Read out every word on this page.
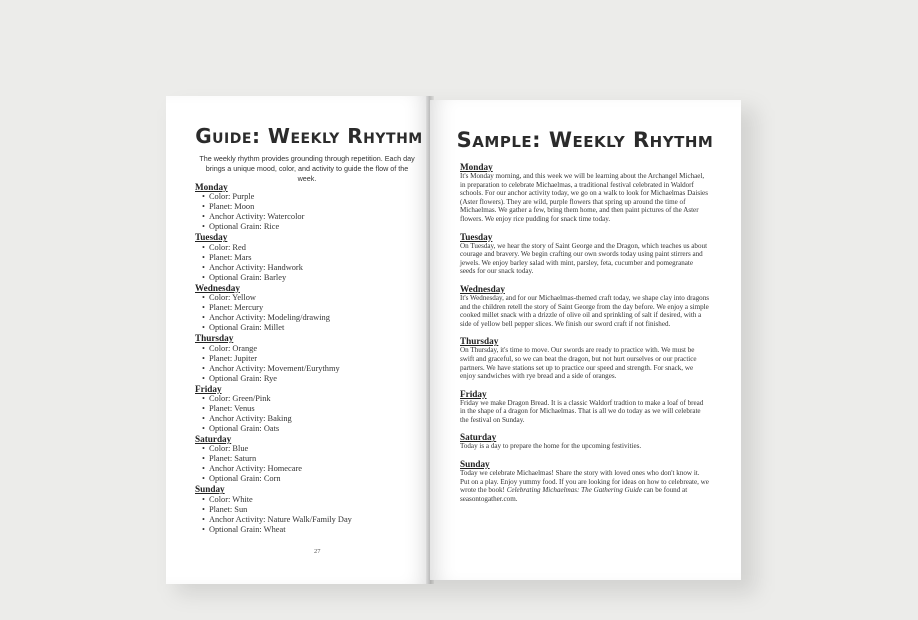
Guide: Weekly Rhythm
The weekly rhythm provides grounding through repetition. Each day brings a unique mood, color, and activity to guide the flow of the week.
Monday
• Color: Purple
• Planet: Moon
• Anchor Activity: Watercolor
• Optional Grain: Rice
Tuesday
• Color: Red
• Planet: Mars
• Anchor Activity: Handwork
• Optional Grain: Barley
Wednesday
• Color: Yellow
• Planet: Mercury
• Anchor Activity: Modeling/drawing
• Optional Grain: Millet
Thursday
• Color: Orange
• Planet: Jupiter
• Anchor Activity: Movement/Eurythmy
• Optional Grain: Rye
Friday
• Color: Green/Pink
• Planet: Venus
• Anchor Activity: Baking
• Optional Grain: Oats
Saturday
• Color: Blue
• Planet: Saturn
• Anchor Activity: Homecare
• Optional Grain: Corn
Sunday
• Color: White
• Planet: Sun
• Anchor Activity: Nature Walk/Family Day
• Optional Grain: Wheat
27
Sample: Weekly Rhythm
Monday

It's Monday morning, and this week we will be learning about the Archangel Michael, in preparation to celebrate Michaelmas, a traditional festival celebrated in Waldorf schools. For our anchor activity today, we go on a walk to look for Michaelmas Daisies (Aster flowers). They are wild, purple flowers that spring up around the time of Michaelmas. We gather a few, bring them home, and then paint pictures of the Aster flowers. We enjoy rice pudding for snack time today.

Tuesday

On Tuesday, we hear the story of Saint George and the Dragon, which teaches us about courage and bravery. We begin crafting our own swords today using paint stirrers and jewels. We enjoy barley salad with mint, parsley, feta, cucumber and pomegranate seeds for our snack today.

Wednesday

It's Wednesday, and for our Michaelmas-themed craft today, we shape clay into dragons and the children retell the story of Saint George from the day before. We enjoy a simple cooked millet snack with a drizzle of olive oil and sprinkling of salt if desired, with a side of yellow bell pepper slices. We finish our sword craft if not finished.

Thursday

On Thursday, it's time to move. Our swords are ready to practice with. We must be swift and graceful, so we can beat the dragon, but not hurt ourselves or our practice partners. We have stations set up to practice our speed and strength. For snack, we enjoy sandwiches with rye bread and a side of oranges.

Friday

Friday we make Dragon Bread. It is a classic Waldorf tradtion to make a loaf of bread in the shape of a dragon for Michaelmas. That is all we do today as we will celebrate the festival on Sunday.

Saturday

Today is a day to prepare the home for the upcoming festivities.

Sunday

Today we celebrate Michaelmas! Share the story with loved ones who don't know it. Put on a play. Enjoy yummy food. If you are looking for ideas on how to celebreate, we wrote the book! Celebrating Michaelmas: The Gathering Guide can be found at seasontogather.com.
